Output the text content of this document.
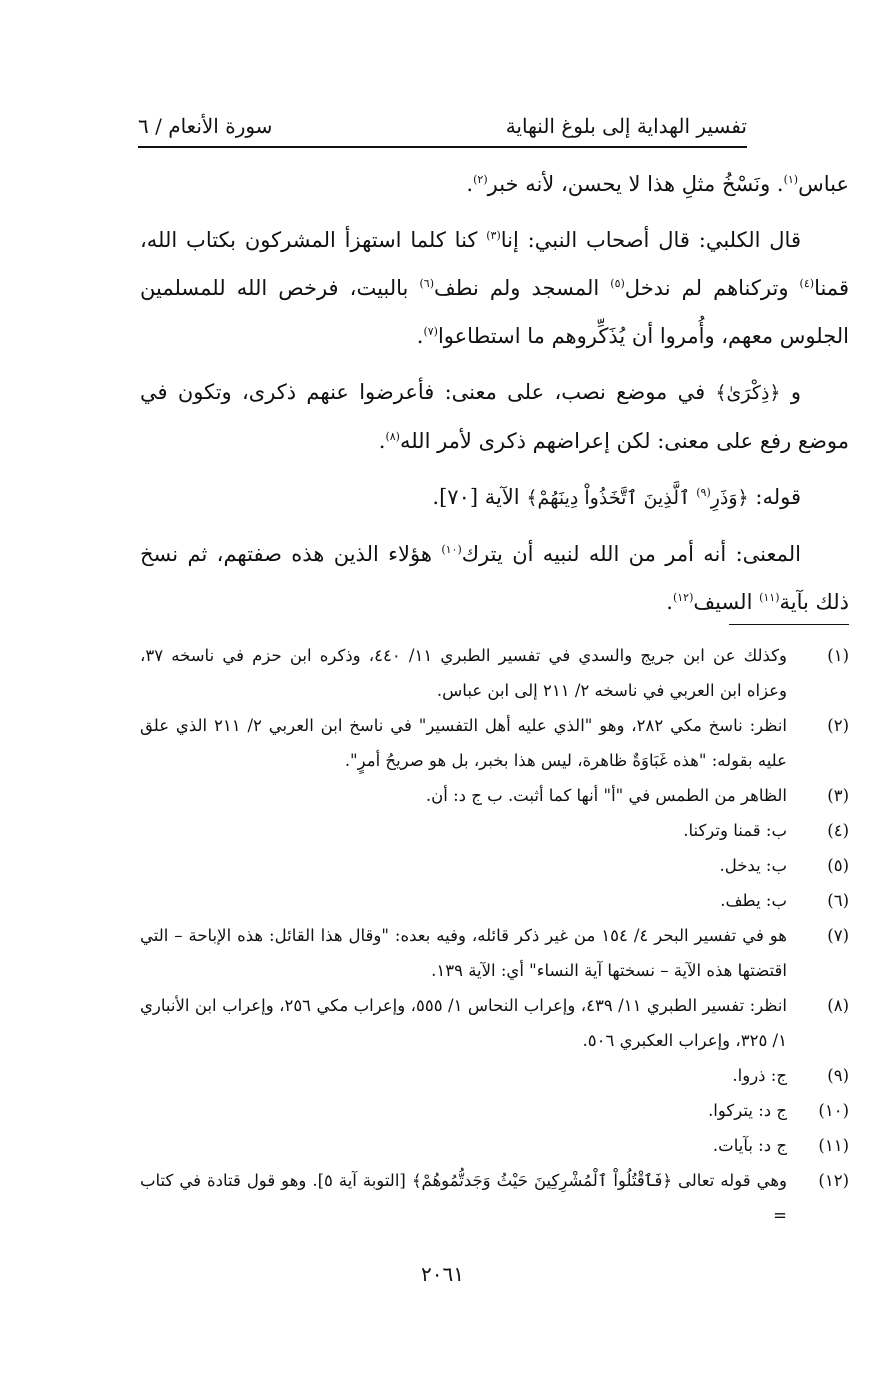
تفسير الهداية إلى بلوغ النهاية
سورة الأنعام / ٦

عباس$^{(١)}$. ونَسْخُ مثلِ هذا لا يحسن، لأنه خبر$^{(٢)}$.

قال الكلبي: قال أصحاب النبي: إنا$^{(٣)}$ كنا كلما استهزأ المشركون بكتاب الله، قمنا$^{(٤)}$ وتركناهم لم ندخل$^{(٥)}$ المسجد ولم نطف$^{(٦)}$ بالبيت، فرخص الله للمسلمين الجلوس معهم، وأُمروا أن يُذَكِّروهم ما استطاعوا$^{(٧)}$.

و ﴿ذِكْرَىٰ﴾ في موضع نصب، على معنى: فأعرضوا عنهم ذكرى، وتكون في موضع رفع على معنى: لكن إعراضهم ذكرى لأمر الله$^{(٨)}$.

قوله: ﴿وَذَرِ$^{(٩)}$ ٱلَّذِينَ ٱتَّخَذُواْ دِينَهُمْ﴾ الآية [٧٠].

المعنى: أنه أمر من الله لنبيه أن يترك$^{(١٠)}$ هؤلاء الذين هذه صفتهم، ثم نسخ ذلك بآية$^{(١١)}$ السيف$^{(١٢)}$.

(١)
وكذلك عن ابن جريج والسدي في تفسير الطبري ١١/ ٤٤٠، وذكره ابن حزم في ناسخه ٣٧، وعزاه ابن العربي في ناسخه ٢/ ٢١١ إلى ابن عباس.
(٢)
انظر: ناسخ مكي ٢٨٢، وهو "الذي عليه أهل التفسير" في ناسخ ابن العربي ٢/ ٢١١ الذي علق عليه بقوله: "هذه غَبَاوَةٌ ظاهرة، ليس هذا بخبر، بل هو صريحُ أمرٍ".
(٣)
الظاهر من الطمس في "أ" أنها كما أثبت. ب ج د: أن.
(٤)
ب: قمنا وتركنا.
(٥)
ب: يدخل.
(٦)
ب: يطف.
(٧)
هو في تفسير البحر ٤/ ١٥٤ من غير ذكر قائله، وفيه بعده: "وقال هذا القائل: هذه الإباحة – التي اقتضتها هذه الآية – نسختها آية النساء" أي: الآية ١٣٩.
(٨)
انظر: تفسير الطبري ١١/ ٤٣٩، وإعراب النحاس ١/ ٥٥٥، وإعراب مكي ٢٥٦، وإعراب ابن الأنباري ١/ ٣٢٥، وإعراب العكبري ٥٠٦.
(٩)
ج: ذروا.
(١٠)
ج د: يتركوا.
(١١)
ج د: بآيات.
(١٢)
وهي قوله تعالى ﴿فَٱقْتُلُواْ ٱلْمُشْرِكِينَ حَيْثُ وَجَدتُّمُوهُمْ﴾ [التوبة آية ٥]. وهو قول قتادة في كتاب =
٢٠٦١
